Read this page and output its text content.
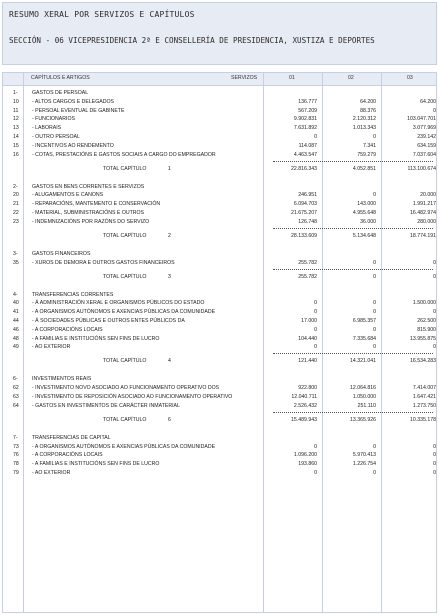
RESUMO XERAL POR SERVIZOS E CAPÍTULOS
SECCIÓN - 06 VICEPRESIDENCIA 2ª E CONSELLERÍA DE PRESIDENCIA, XUSTIZA E DEPORTES
CAPÍTULOS E ARTIGOS	SERVIZOS	01	02	03
1-	GASTOS DE PERSOAL
10	- ALTOS CARGOS E DELEGADOS	136.777	64.200	64.200
11	- PERSOAL EVENTUAL DE GABINETE	567.209	88.376	0
12	- FUNCIONARIOS	9.902.831	2.120.312	103.047.701
13	- LABORAIS	7.631.892	1.013.343	3.077.969
14	- OUTRO PERSOAL	0	0	239.142
15	- INCENTIVOS AO RENDEMENTO	114.087	7.341	634.159
16	- COTAS, PRESTACIÓNS E GASTOS SOCIAIS A CARGO DO EMPREGADOR	4.463.547	759.279	7.037.604
TOTAL CAPÍTULO	1	22.816.343	4.052.851	113.100.674
2-	GASTOS EN BENS CORRENTES E SERVIZOS
20	- ALUGAMENTOS E CANONS	246.951	0	20.000
21	- REPARACIÓNS, MANTEMENTO E CONSERVACIÓN	6.094.703	143.000	1.991.217
22	- MATERIAL, SUBMINISTRACIÓNS E OUTROS	21.675.207	4.955.648	16.482.974
23	- INDEMNIZACIÓNS POR RAZÓNS DO SERVIZO	126.748	36.000	280.000
TOTAL CAPÍTULO	2	28.133.609	5.134.648	18.774.191
3-	GASTOS FINANCEIROS
35	- XUROS DE DEMORA E OUTROS GASTOS FINANCEIROS	255.782	0	0
TOTAL CAPÍTULO	3	255.782	0	0
4-	TRANSFERENCIAS CORRENTES
40	- Á ADMINISTRACIÓN XERAL E ORGANISMOS PÚBLICOS DO ESTADO	0	0	1.500.000
41	- A ORGANISMOS AUTÓNOMOS E AXENCIAS PÚBLICAS DA COMUNIDADE	0	0	0
44	- Á SOCIEDADES PÚBLICAS E OUTROS ENTES PÚBLICOS DA	17.000	6.985.357	262.500
46	- A CORPORACIÓNS LOCAIS	0	0	815.900
48	- A FAMILIAS E INSTITUCIÓNS SEN FINS DE LUCRO	104.440	7.335.684	13.955.875
49	- AO EXTERIOR	0	0	0
TOTAL CAPÍTULO	4	121.440	14.321.041	16.534.283
6-	INVESTIMENTOS REAIS
62	- INVESTIMENTO NOVO ASOCIADO AO FUNCIONAMENTO OPERATIVO DOS	922.800	12.064.816	7.414.007
63	- INVESTIMENTO DE REPOSICIÓN ASOCIADO AO FUNCIONAMENTO OPERATIVO	12.040.711	1.050.000	1.647.421
64	- GASTOS EN INVESTIMENTOS DE CARÁCTER INMATERIAL	2.526.432	251.110	1.273.750
TOTAL CAPÍTULO	6	15.489.943	13.365.926	10.335.178
7-	TRANSFERENCIAS DE CAPITAL
73	- A ORGANISMOS AUTÓNOMOS E AXENCIAS PÚBLICAS DA COMUNIDADE	0	0	0
76	- A CORPORACIÓNS LOCAIS	1.096.200	5.970.413	0
78	- A FAMILIAS E INSTITUCIÓNS SEN FINS DE LUCRO	193.860	1.226.754	0
79	- AO EXTERIOR	0	0	0
